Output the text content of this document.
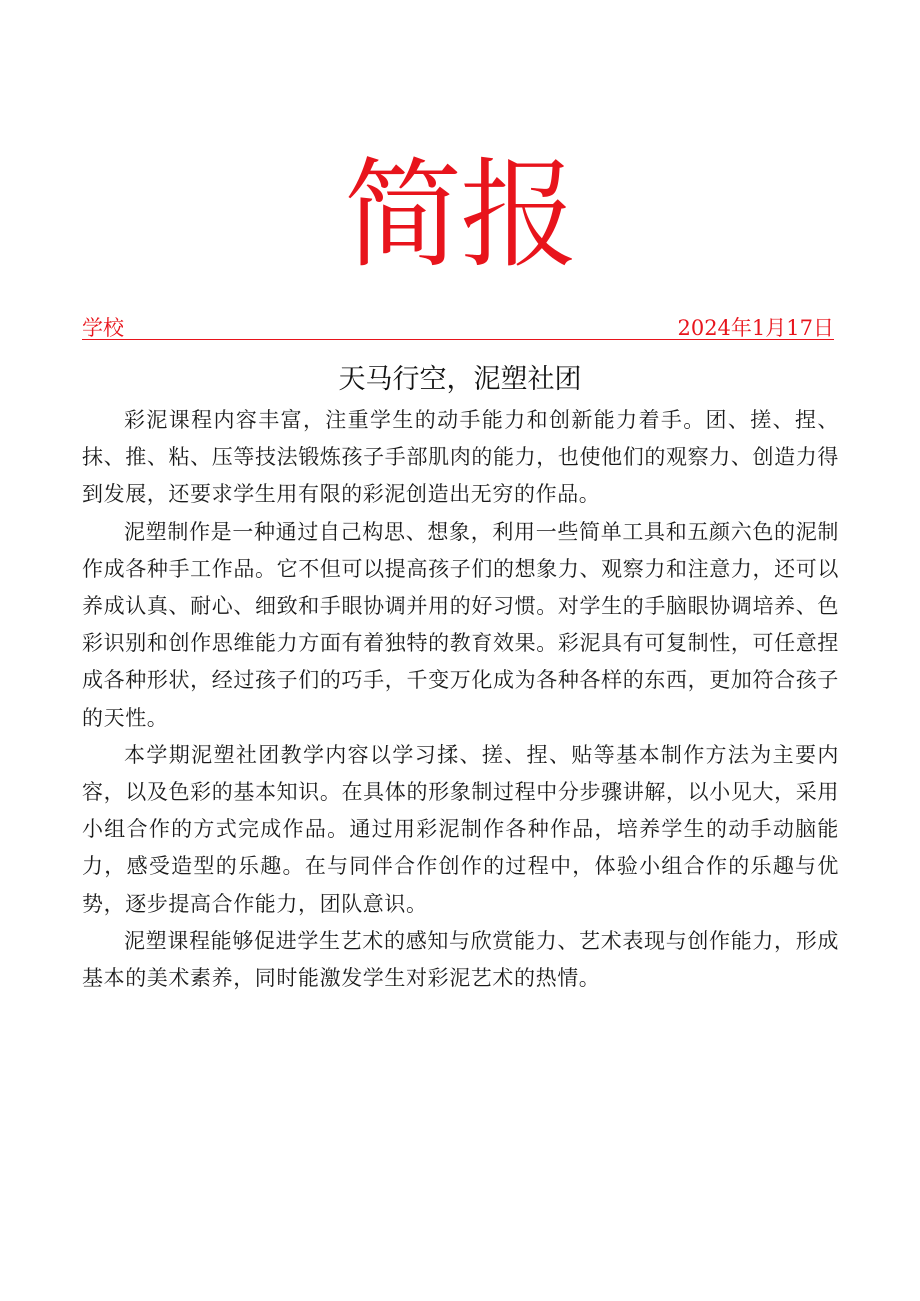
简报
学校	2024年1月17日
天马行空，泥塑社团

彩泥课程内容丰富，注重学生的动手能力和创新能力着手。团、搓、捏、抹、推、粘、压等技法锻炼孩子手部肌肉的能力，也使他们的观察力、创造力得到发展，还要求学生用有限的彩泥创造出无穷的作品。

泥塑制作是一种通过自己构思、想象，利用一些简单工具和五颜六色的泥制作成各种手工作品。它不但可以提高孩子们的想象力、观察力和注意力，还可以养成认真、耐心、细致和手眼协调并用的好习惯。对学生的手脑眼协调培养、色彩识别和创作思维能力方面有着独特的教育效果。彩泥具有可复制性，可任意捏成各种形状，经过孩子们的巧手，千变万化成为各种各样的东西，更加符合孩子的天性。

本学期泥塑社团教学内容以学习揉、搓、捏、贴等基本制作方法为主要内容，以及色彩的基本知识。在具体的形象制过程中分步骤讲解，以小见大，采用小组合作的方式完成作品。通过用彩泥制作各种作品，培养学生的动手动脑能力，感受造型的乐趣。在与同伴合作创作的过程中，体验小组合作的乐趣与优势，逐步提高合作能力，团队意识。

泥塑课程能够促进学生艺术的感知与欣赏能力、艺术表现与创作能力，形成基本的美术素养，同时能激发学生对彩泥艺术的热情。
